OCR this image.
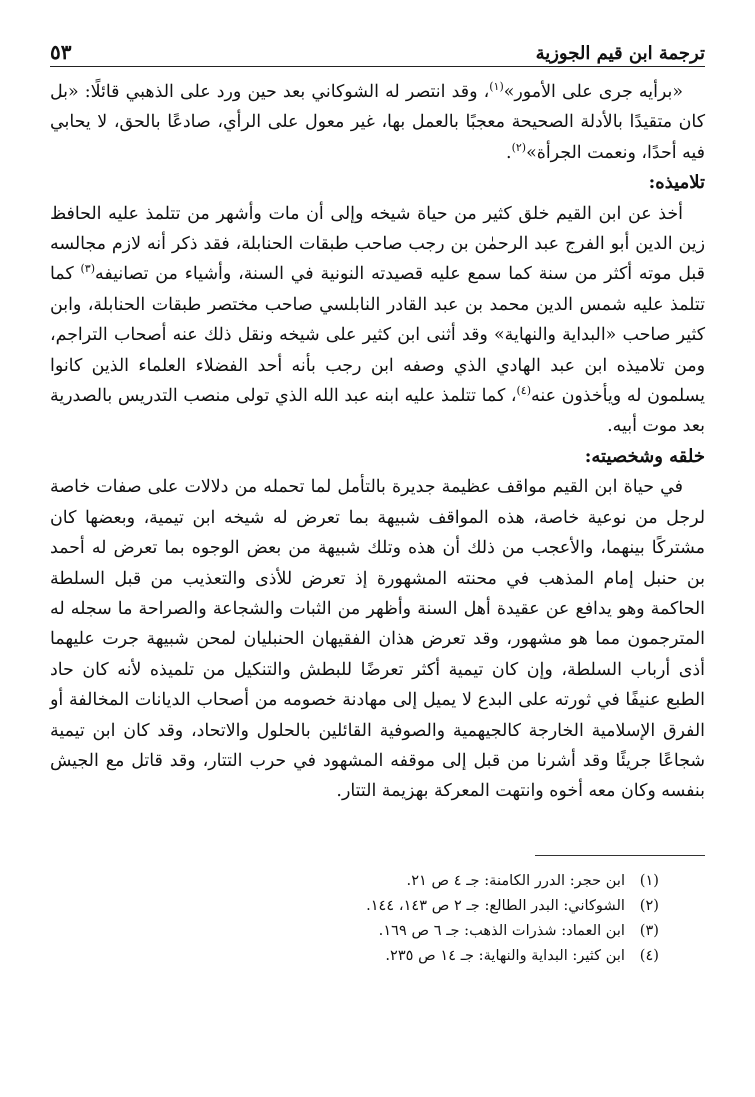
ترجمة ابن قيم الجوزية
٥٣

«برأيه جرى على الأمور»$^{(١)}$، وقد انتصر له الشوكاني بعد حين ورد على الذهبي قائلًا: «بل كان متقيدًا بالأدلة الصحيحة معجبًا بالعمل بها، غير معول على الرأي، صادعًا بالحق، لا يحابي فيه أحدًا، ونعمت الجرأة»$^{(٢)}$.

تلاميذه:

أخذ عن ابن القيم خلق كثير من حياة شيخه وإلى أن مات وأشهر من تتلمذ عليه الحافظ زين الدين أبو الفرج عبد الرحمٰن بن رجب صاحب طبقات الحنابلة، فقد ذكر أنه لازم مجالسه قبل موته أكثر من سنة كما سمع عليه قصيدته النونية في السنة، وأشياء من تصانيفه$^{(٣)}$ كما تتلمذ عليه شمس الدين محمد بن عبد القادر النابلسي صاحب مختصر طبقات الحنابلة، وابن كثير صاحب «البداية والنهاية» وقد أثنى ابن كثير على شيخه ونقل ذلك عنه أصحاب التراجم، ومن تلاميذه ابن عبد الهادي الذي وصفه ابن رجب بأنه أحد الفضلاء العلماء الذين كانوا يسلمون له ويأخذون عنه$^{(٤)}$، كما تتلمذ عليه ابنه عبد الله الذي تولى منصب التدريس بالصدرية بعد موت أبيه.

خلقه وشخصيته:

في حياة ابن القيم مواقف عظيمة جديرة بالتأمل لما تحمله من دلالات على صفات خاصة لرجل من نوعية خاصة، هذه المواقف شبيهة بما تعرض له شيخه ابن تيمية، وبعضها كان مشتركًا بينهما، والأعجب من ذلك أن هذه وتلك شبيهة من بعض الوجوه بما تعرض له أحمد بن حنبل إمام المذهب في محنته المشهورة إذ تعرض للأذى والتعذيب من قبل السلطة الحاكمة وهو يدافع عن عقيدة أهل السنة وأظهر من الثبات والشجاعة والصراحة ما سجله له المترجمون مما هو مشهور، وقد تعرض هذان الفقيهان الحنبليان لمحن شبيهة جرت عليهما أذى أرباب السلطة، وإن كان تيمية أكثر تعرضًا للبطش والتنكيل من تلميذه لأنه كان حاد الطبع عنيفًا في ثورته على البدع لا يميل إلى مهادنة خصومه من أصحاب الديانات المخالفة أو الفرق الإسلامية الخارجة كالجيهمية والصوفية القائلين بالحلول والاتحاد، وقد كان ابن تيمية شجاعًا جريئًا وقد أشرنا من قبل إلى موقفه المشهود في حرب التتار، وقد قاتل مع الجيش بنفسه وكان معه أخوه وانتهت المعركة بهزيمة التتار.

(١)
ابن حجر: الدرر الكامنة: جـ ٤ ص ٢١.
(٢)
الشوكاني: البدر الطالع: جـ ٢ ص ١٤٣، ١٤٤.
(٣)
ابن العماد: شذرات الذهب: جـ ٦ ص ١٦٩.
(٤)
ابن كثير: البداية والنهاية: جـ ١٤ ص ٢٣٥.
